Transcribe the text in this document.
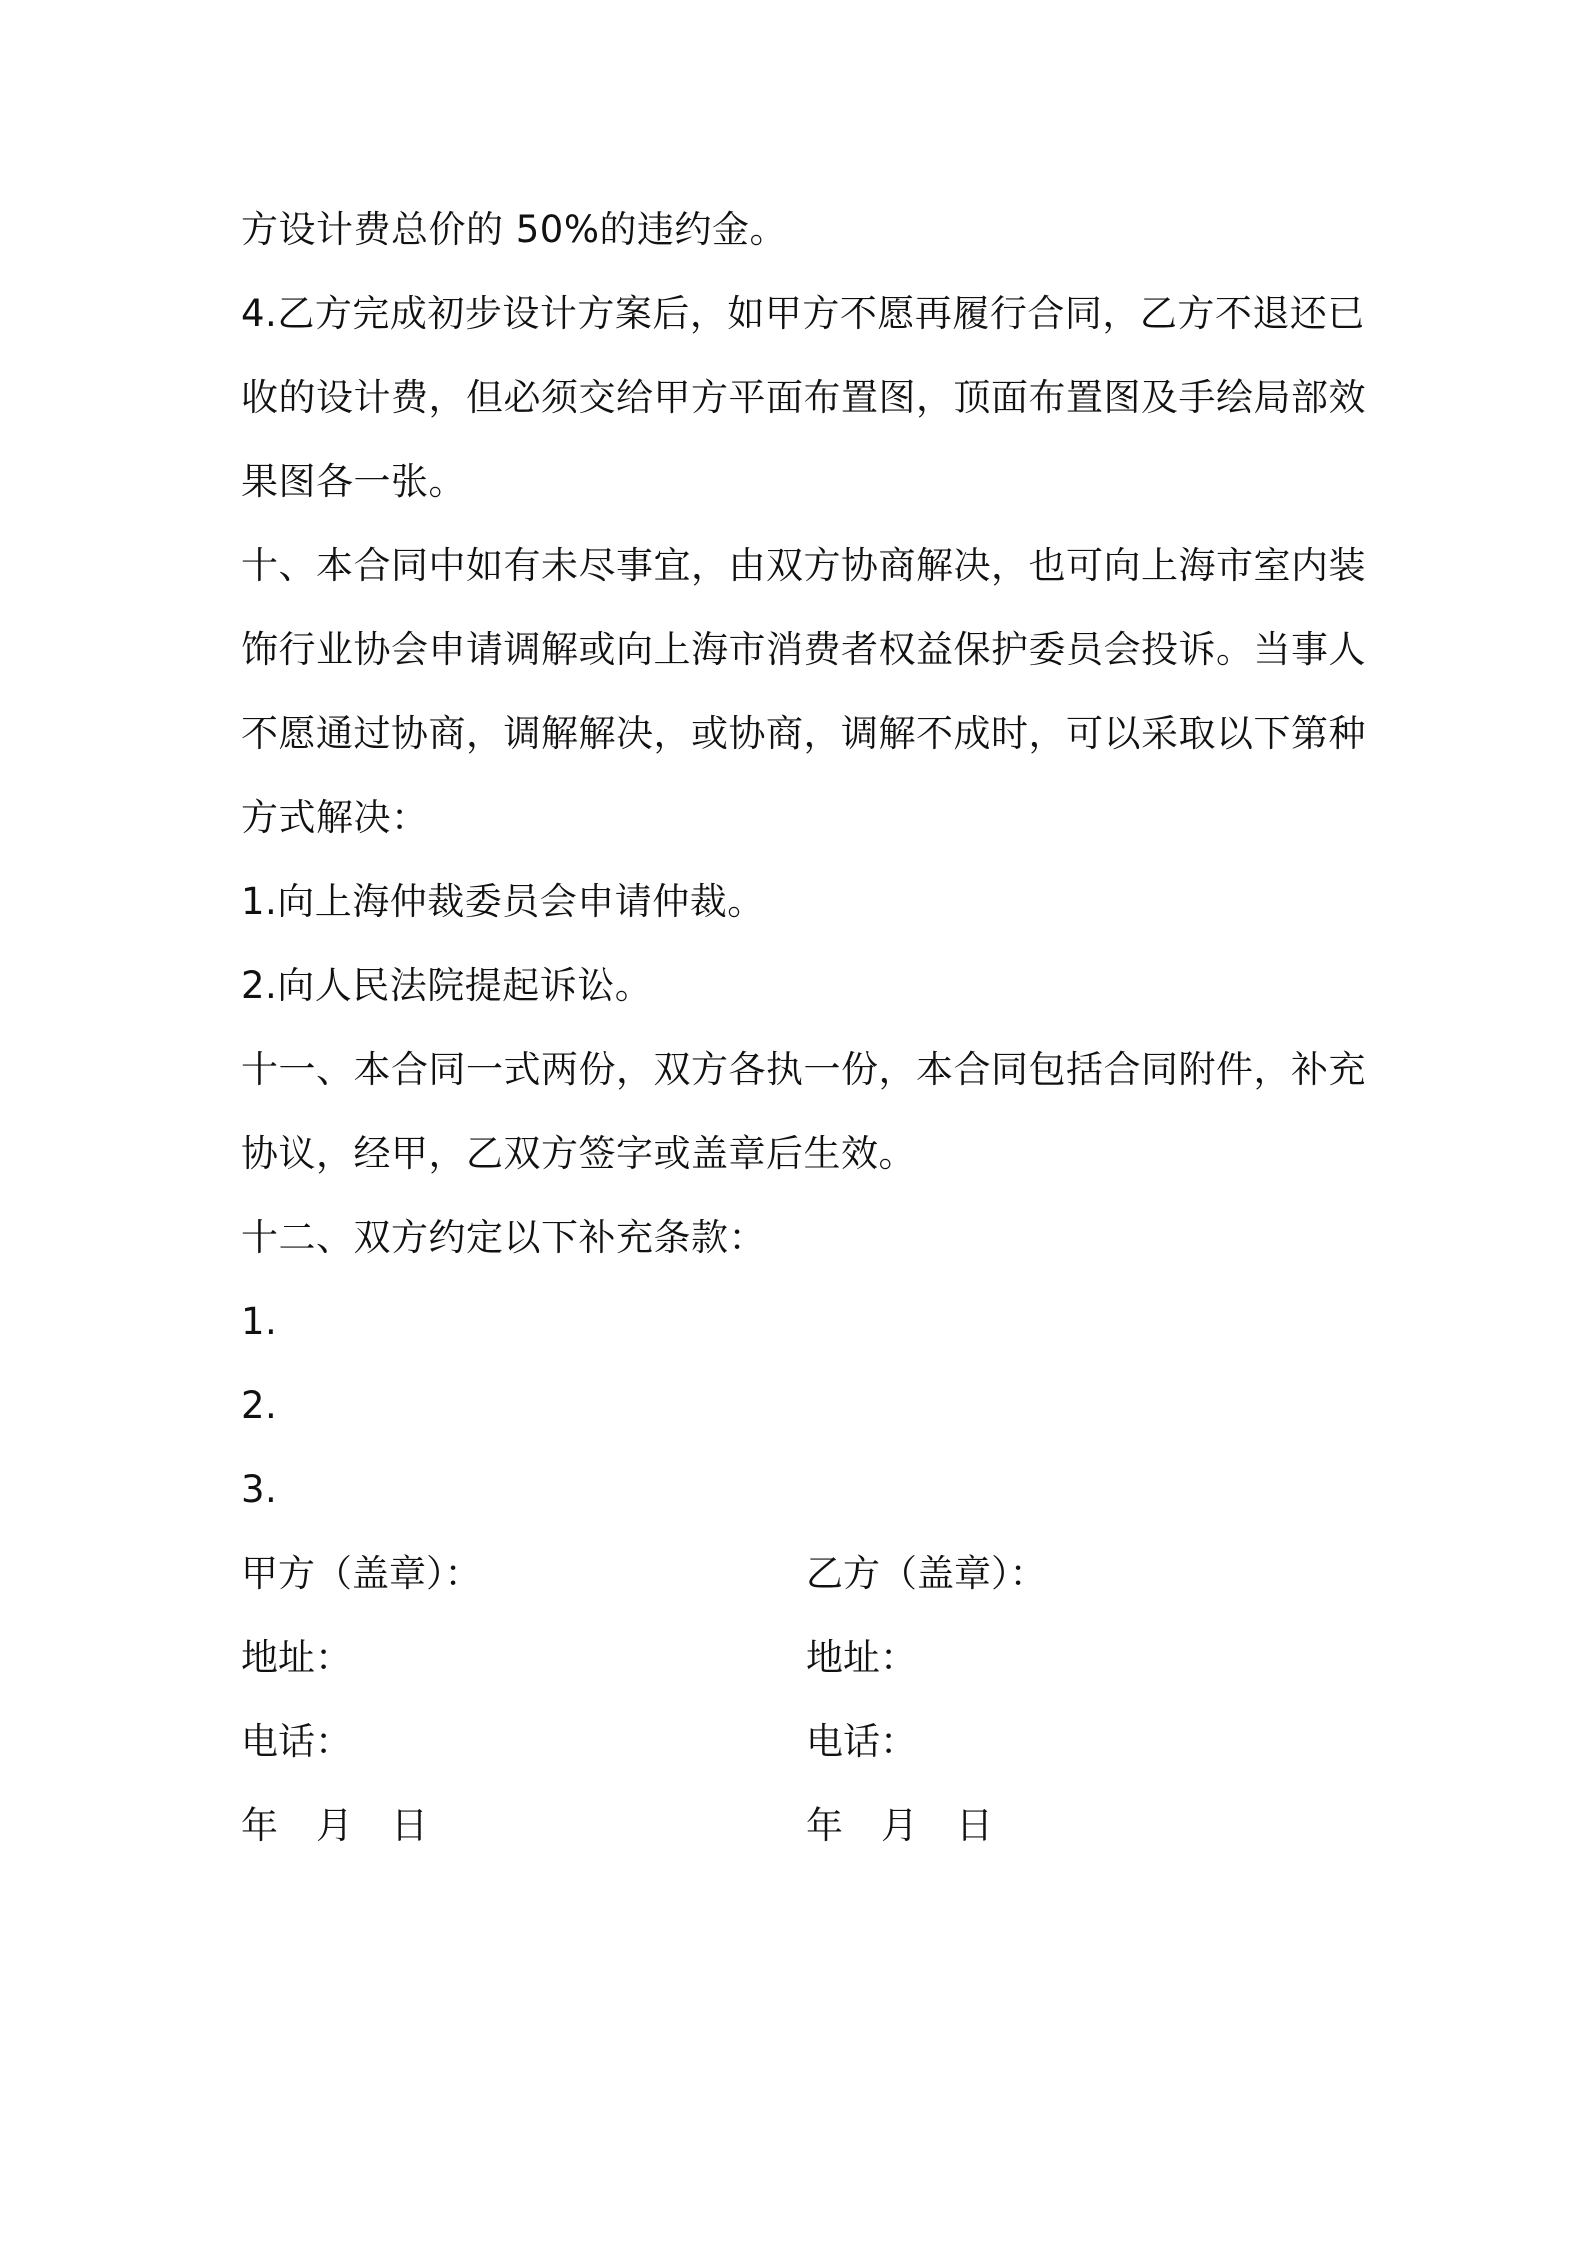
方设计费总价的 50%的违约金。
4 . 乙 方 完 成 初 步 设 计 方 案 后 ， 如 甲 方 不 愿 再 履 行 合 同 ， 乙 方 不 退 还 已
收 的 设 计 费 ， 但 必 须 交 给 甲 方 平 面 布 置 图 ， 顶 面 布 置 图 及 手 绘 局 部 效
果图各一张。
十 、 本 合 同 中 如 有 未 尽 事 宜 ， 由 双 方 协 商 解 决 ， 也 可 向 上 海 市 室 内 装
饰 行 业 协 会 申 请 调 解 或 向 上 海 市 消 费 者 权 益 保 护 委 员 会 投 诉 。 当 事 人
不 愿 通 过 协 商 ， 调 解 解 决 ， 或 协 商 ， 调 解 不 成 时 ， 可 以 采 取 以 下 第 种
方式解决：
1.向上海仲裁委员会申请仲裁。
2.向人民法院提起诉讼。
十 一 、 本 合 同 一 式 两 份 ， 双 方 各 执 一 份 ， 本 合 同 包 括 合 同 附 件 ， 补 充
协议，经甲，乙双方签字或盖章后生效。
十二、双方约定以下补充条款：
1.
2.
3.
甲方（盖章）：	乙方（盖章）：
地址：	地址：
电话：	电话：
年 月 日	年 月 日
